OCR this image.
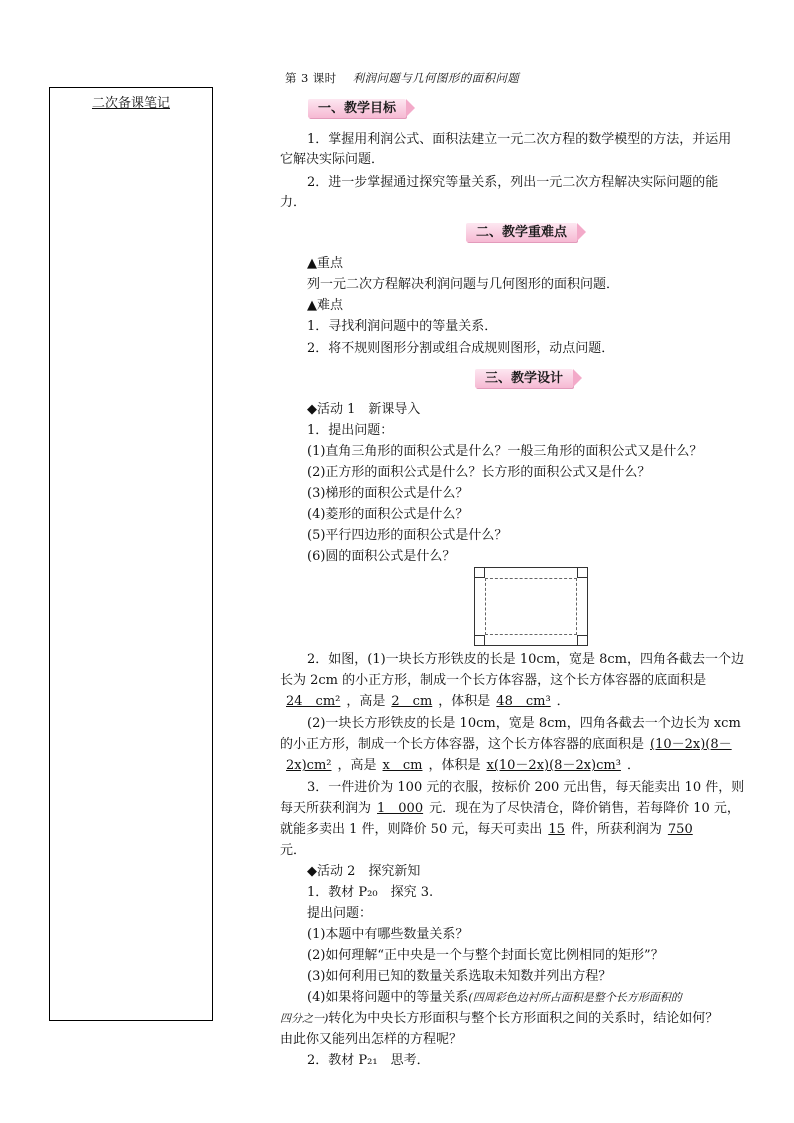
第 3 课时 利润问题与几何图形的面积问题
二次备课笔记	一、教学目标
1．掌握用利润公式、面积法建立一元二次方程的数学模型的方法，并运用
它解决实际问题．
2．进一步掌握通过探究等量关系，列出一元二次方程解决实际问题的能
力．
二、教学重难点
▲重点
列一元二次方程解决利润问题与几何图形的面积问题．
▲难点
1．寻找利润问题中的等量关系．
2．将不规则图形分割或组合成规则图形，动点问题．
三、教学设计
◆活动 1　新课导入
1．提出问题：
(1)直角三角形的面积公式是什么？一般三角形的面积公式又是什么？
(2)正方形的面积公式是什么？长方形的面积公式又是什么？
(3)梯形的面积公式是什么？
(4)菱形的面积公式是什么？
(5)平行四边形的面积公式是什么？
(6)圆的面积公式是什么？
2．如图，(1)一块长方形铁皮的长是 10cm，宽是 8cm，四角各截去一个边
长为 2cm 的小正方形，制成一个长方体容器，这个长方体容器的底面积是
24　cm² ，高是 2　cm ，体积是 48　cm³ ．
(2)一块长方形铁皮的长是 10cm，宽是 8cm，四角各截去一个边长为 xcm
的小正方形，制成一个长方体容器，这个长方体容器的底面积是 (10－2x)(8－
2x)cm² ，高是 x　cm ，体积是 x(10－2x)(8－2x)cm³ ．
3．一件进价为 100 元的衣服，按标价 200 元出售，每天能卖出 10 件，则
每天所获利润为 1　000 元．现在为了尽快清仓，降价销售，若每降价 10 元，
就能多卖出 1 件，则降价 50 元，每天可卖出 15 件，所获利润为 750
元．
◆活动 2　探究新知
1．教材 P₂₀　探究 3.
提出问题：
(1)本题中有哪些数量关系？
(2)如何理解“正中央是一个与整个封面长宽比例相同的矩形”？
(3)如何利用已知的数量关系选取未知数并列出方程？
(4)如果将问题中的等量关系(四周彩色边衬所占面积是整个长方形面积的
四分之一)转化为中央长方形面积与整个长方形面积之间的关系时，结论如何？
由此你又能列出怎样的方程呢？
2．教材 P₂₁　思考．
